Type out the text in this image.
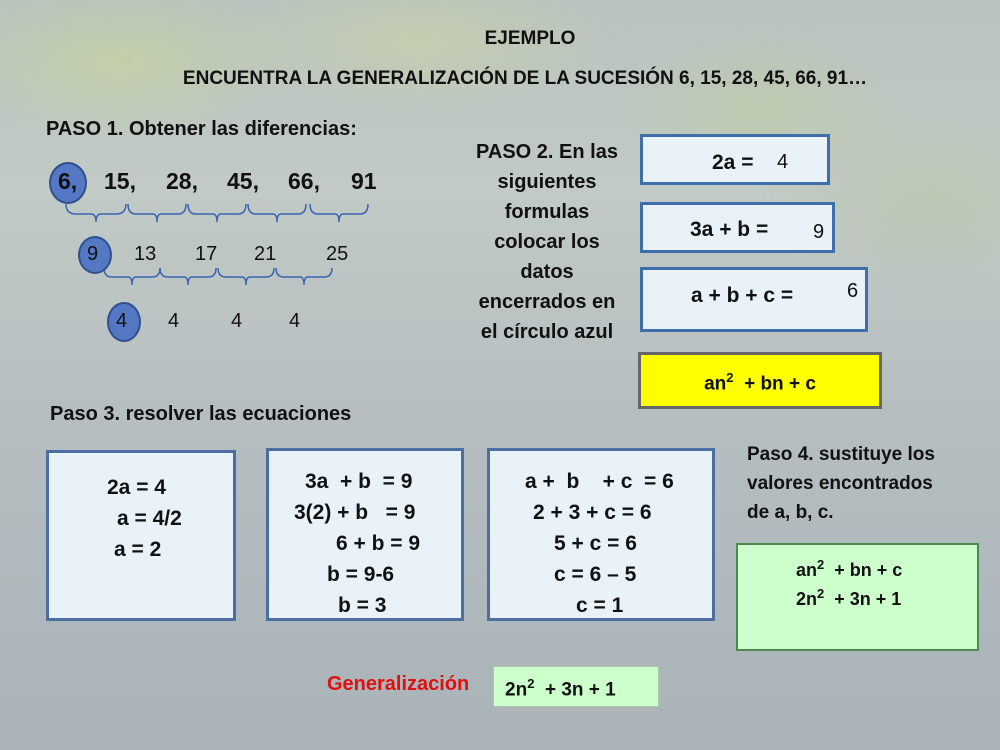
EJEMPLO
ENCUENTRA LA GENERALIZACIÓN DE LA SUCESIÓN 6, 15, 28, 45, 66, 91…
PASO 1. Obtener las diferencias:
6, 15, 28, 45, 66, 91
9 13 17 21 25
4 4	4 4
PASO 2. En las
siguientes
formulas
colocar los
datos
encerrados en
el círculo azul
2a = 4
3a + b = 9
a + b + c =	6
$an^2$  + bn + c
Paso 3. resolver las ecuaciones
2a = 4
a = 4/2
a = 2
3a  + b  = 9
3(2) + b   = 9
6 + b = 9
b = 9-6
b = 3
a +  b    + c  = 6
2 + 3 + c = 6
5 + c = 6
c = 6 – 5
c = 1
Paso 4. sustituye los
valores encontrados
de a, b, c.
$an^2$  + bn + c
$2n^2 + 3n + 1$
Generalización $2n^2 + 3n + 1$
